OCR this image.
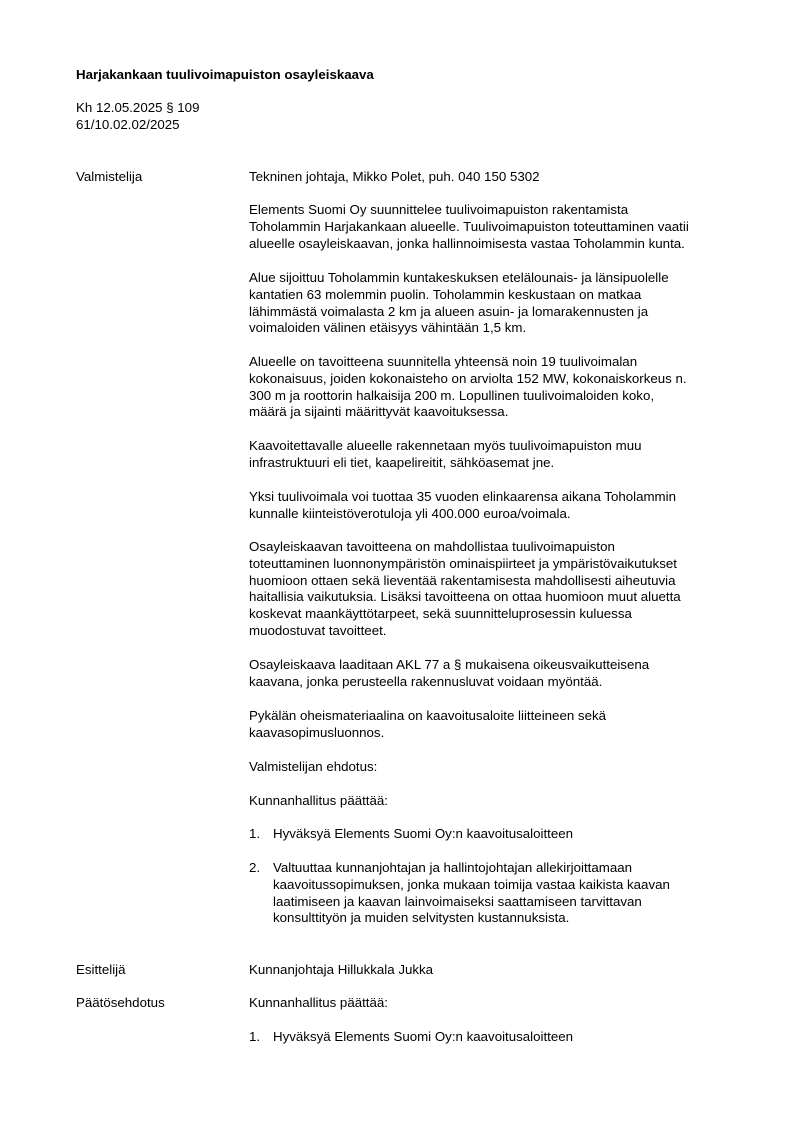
Harjakankaan tuulivoimapuiston osayleiskaava
Kh 12.05.2025 § 109
61/10.02.02/2025
Valmistelija	Tekninen johtaja, Mikko Polet, puh. 040 150 5302
Elements Suomi Oy suunnittelee tuulivoimapuiston rakentamista
Toholammin Harjakankaan alueelle. Tuulivoimapuiston toteuttaminen vaatii
alueelle osayleiskaavan, jonka hallinnoimisesta vastaa Toholammin kunta.
Alue sijoittuu Toholammin kuntakeskuksen etelälounais- ja länsipuolelle
kantatien 63 molemmin puolin. Toholammin keskustaan on matkaa
lähimmästä voimalasta 2 km ja alueen asuin- ja lomarakennusten ja
voimaloiden välinen etäisyys vähintään 1,5 km.
Alueelle on tavoitteena suunnitella yhteensä noin 19 tuulivoimalan
kokonaisuus, joiden kokonaisteho on arviolta 152 MW, kokonaiskorkeus n.
300 m ja roottorin halkaisija 200 m. Lopullinen tuulivoimaloiden koko,
määrä ja sijainti määrittyvät kaavoituksessa.
Kaavoitettavalle alueelle rakennetaan myös tuulivoimapuiston muu
infrastruktuuri eli tiet, kaapelireitit, sähköasemat jne.
Yksi tuulivoimala voi tuottaa 35 vuoden elinkaarensa aikana Toholammin
kunnalle kiinteistöverotuloja yli 400.000 euroa/voimala.
Osayleiskaavan tavoitteena on mahdollistaa tuulivoimapuiston
toteuttaminen luonnonympäristön ominaispiirteet ja ympäristövaikutukset
huomioon ottaen sekä lieventää rakentamisesta mahdollisesti aiheutuvia
haitallisia vaikutuksia. Lisäksi tavoitteena on ottaa huomioon muut aluetta
koskevat maankäyttötarpeet, sekä suunnitteluprosessin kuluessa
muodostuvat tavoitteet.
Osayleiskaava laaditaan AKL 77 a § mukaisena oikeusvaikutteisena
kaavana, jonka perusteella rakennusluvat voidaan myöntää.
Pykälän oheismateriaalina on kaavoitusaloite liitteineen sekä
kaavasopimusluonnos.
Valmistelijan ehdotus:
Kunnanhallitus päättää:
1. Hyväksyä Elements Suomi Oy:n kaavoitusaloitteen
2. Valtuuttaa kunnanjohtajan ja hallintojohtajan allekirjoittamaan
kaavoitussopimuksen, jonka mukaan toimija vastaa kaikista kaavan
laatimiseen ja kaavan lainvoimaiseksi saattamiseen tarvittavan
konsulttityön ja muiden selvitysten kustannuksista.
Esittelijä	Kunnanjohtaja Hillukkala Jukka
Päätösehdotus	Kunnanhallitus päättää:
1. Hyväksyä Elements Suomi Oy:n kaavoitusaloitteen
